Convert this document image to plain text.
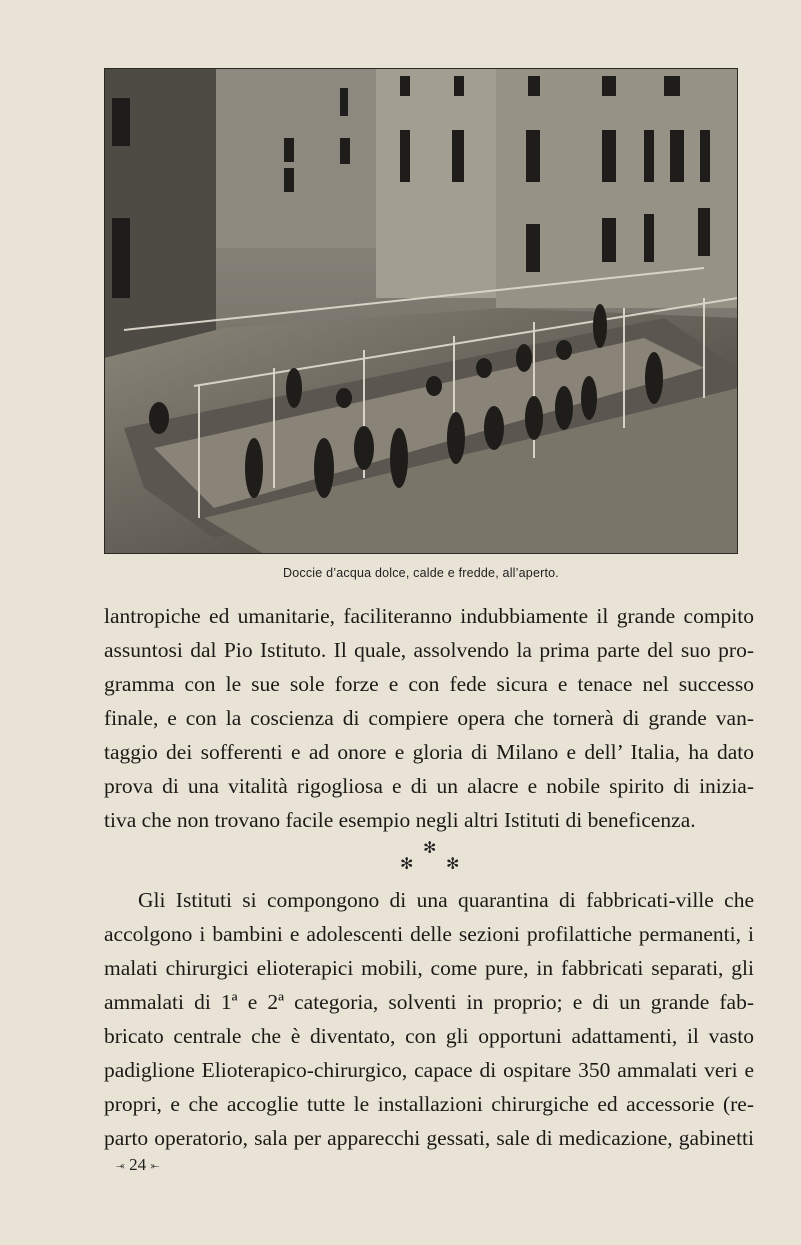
Doccie d’acqua dolce, calde e fredde, all’aperto.
lantropiche ed umanitarie, faciliteranno indubbiamente il grande compito
assuntosi dal Pio Istituto. Il quale, assolvendo la prima parte del suo pro-
gramma con le sue sole forze e con fede sicura e tenace nel successo
finale, e con la coscienza di compiere opera che tornerà di grande van-
taggio dei sofferenti e ad onore e gloria di Milano e dell’ Italia, ha dato
prova di una vitalità rigogliosa e di un alacre e nobile spirito di inizia-
tiva che non trovano facile esempio negli altri Istituti di beneficenza.
✻
✻ ✻
Gli Istituti si compongono di una quarantina di fabbricati-ville che
accolgono i bambini e adolescenti delle sezioni profilattiche permanenti, i
malati chirurgici elioterapici mobili, come pure, in fabbricati separati, gli
ammalati di 1ª e 2ª categoria, solventi in proprio; e di un grande fab-
bricato centrale che è diventato, con gli opportuni adattamenti, il vasto
padiglione Elioterapico-chirurgico, capace di ospitare 350 ammalati veri e
propri, e che accoglie tutte le installazioni chirurgiche ed accessorie (re-
parto operatorio, sala per apparecchi gessati, sale di medicazione, gabinetti
⤛ 24 ⤜
